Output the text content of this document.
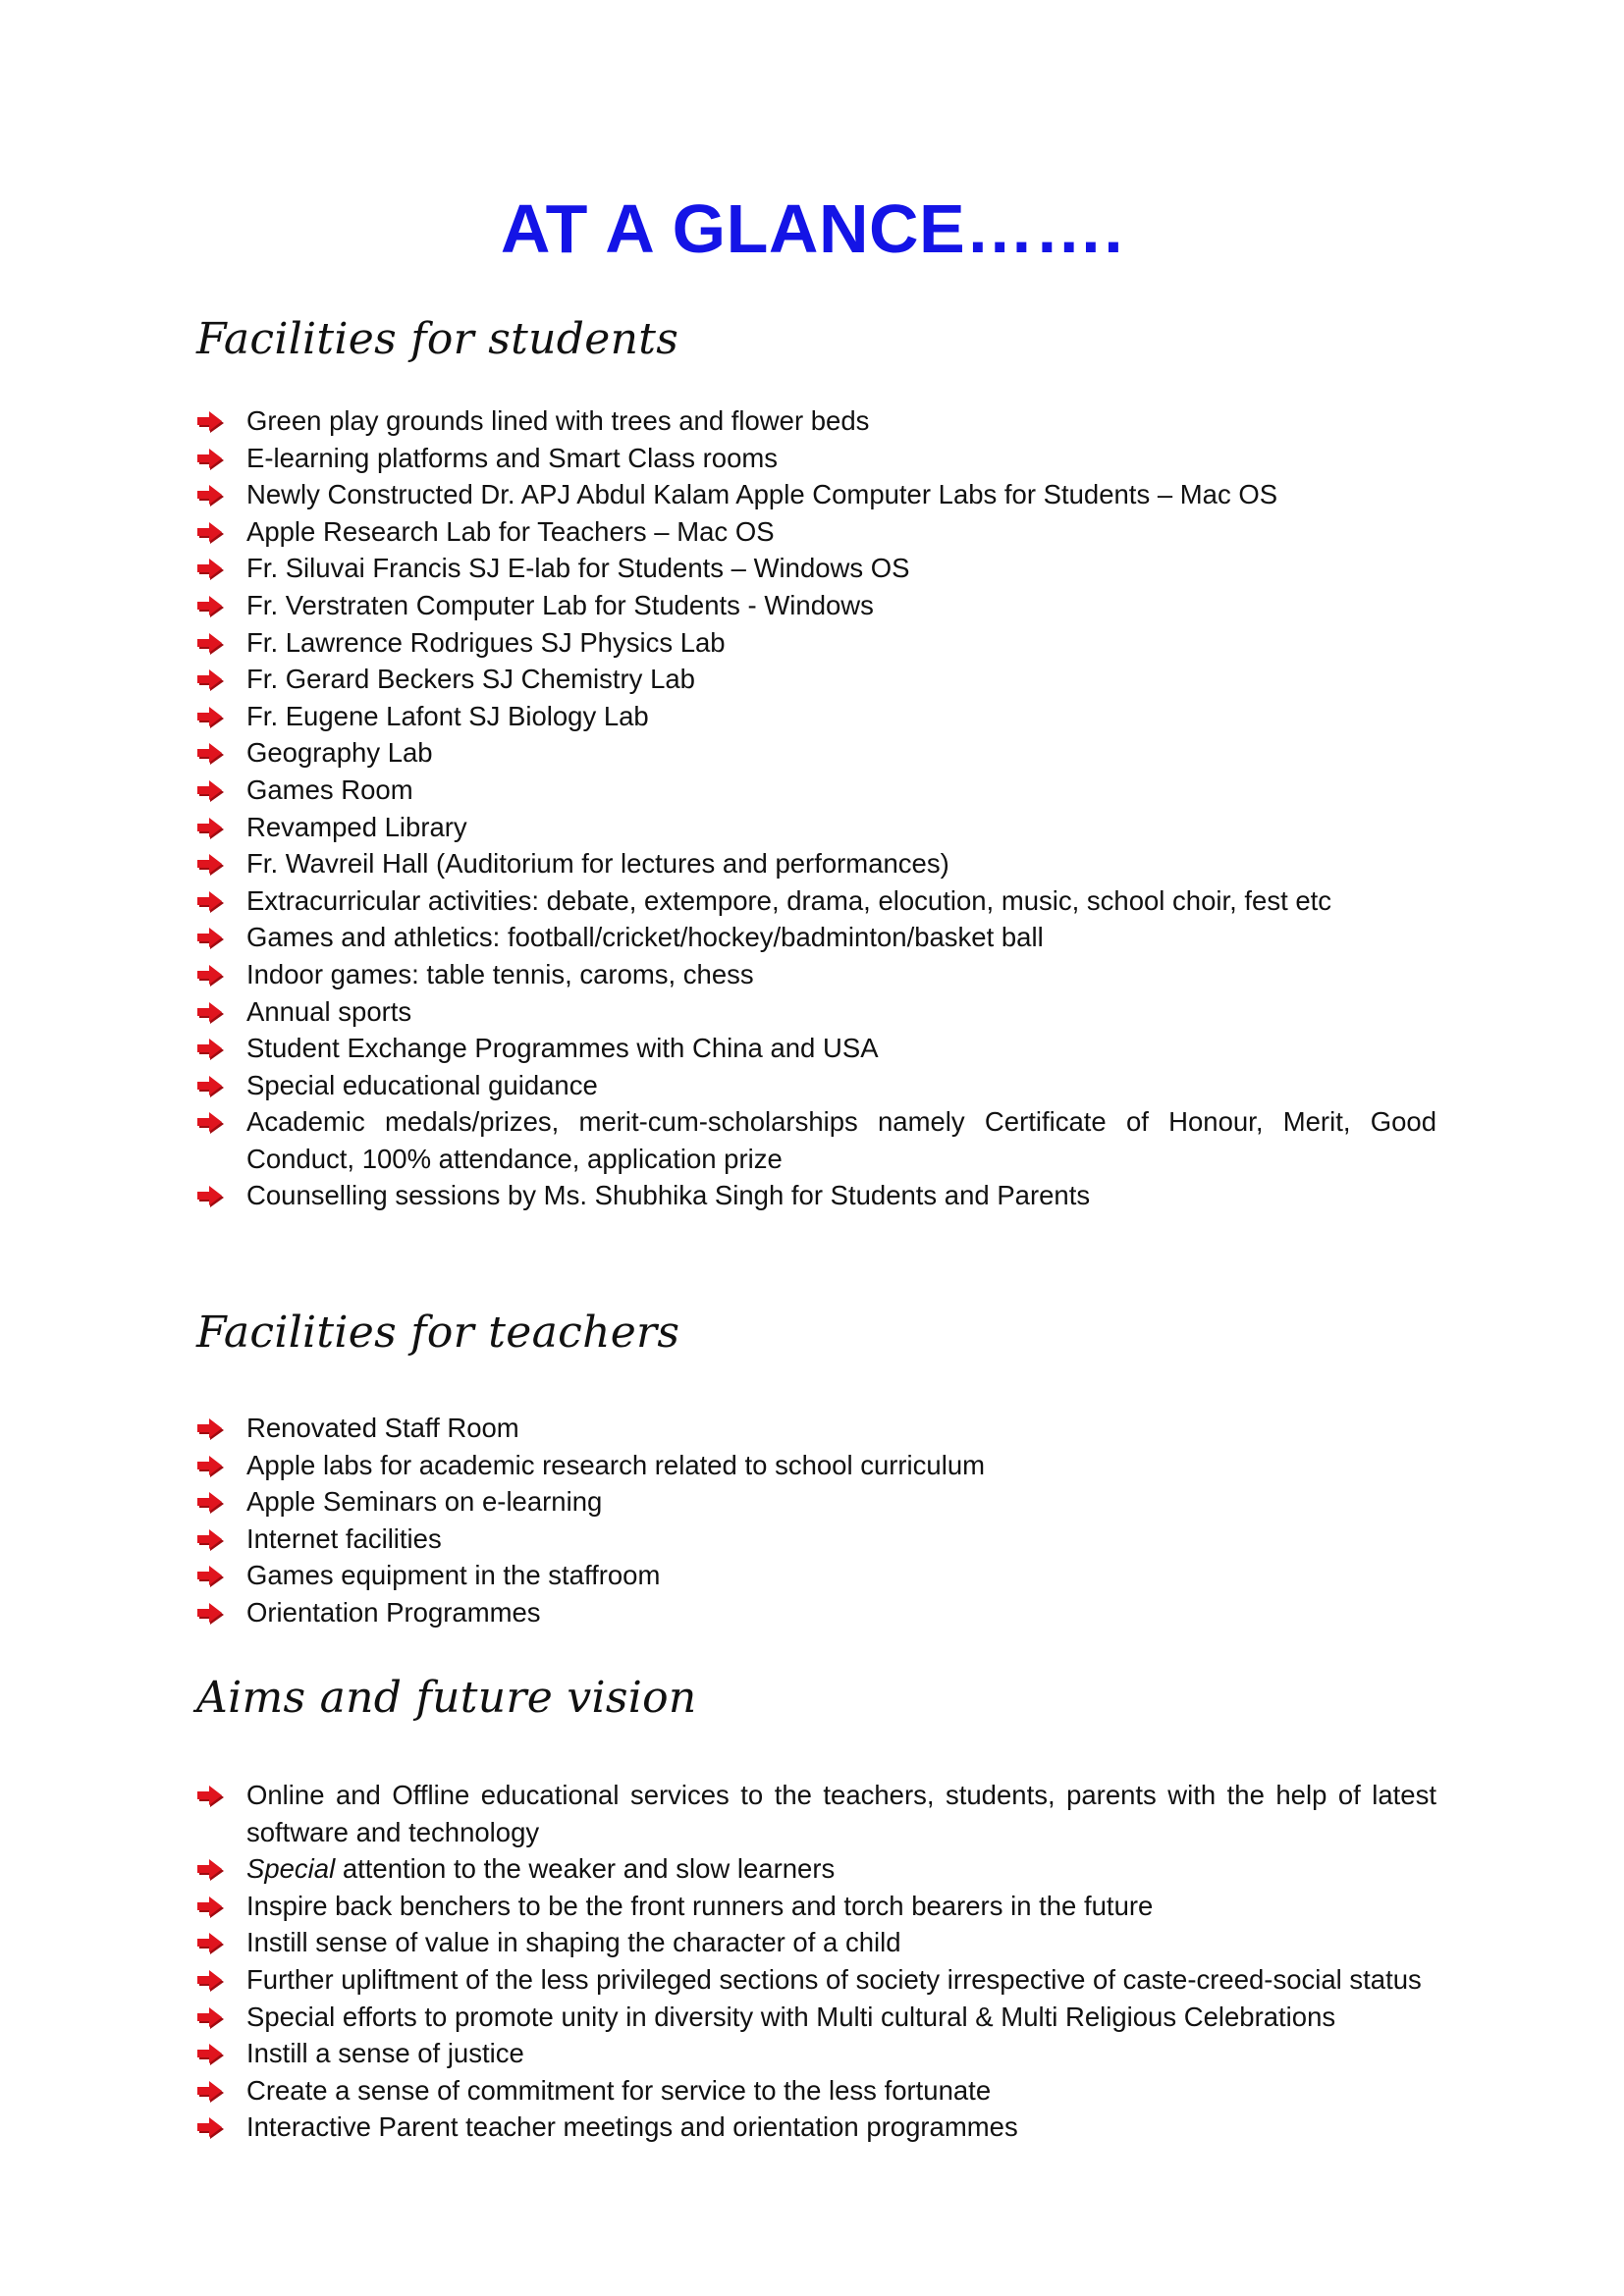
AT A GLANCE…….
Facilities for students
Green play grounds lined with trees and flower beds
E-learning platforms and Smart Class rooms
Newly Constructed Dr. APJ Abdul Kalam Apple Computer Labs for Students – Mac OS
Apple Research Lab for Teachers – Mac OS
Fr. Siluvai Francis SJ E-lab for Students – Windows OS
Fr. Verstraten Computer Lab for Students - Windows
Fr. Lawrence Rodrigues SJ Physics Lab
Fr. Gerard Beckers SJ Chemistry Lab
Fr. Eugene Lafont SJ Biology Lab
Geography Lab
Games Room
Revamped Library
Fr. Wavreil Hall (Auditorium for lectures and performances)
Extracurricular activities: debate, extempore, drama, elocution, music, school choir, fest etc
Games and athletics: football/cricket/hockey/badminton/basket ball
Indoor games: table tennis, caroms, chess
Annual sports
Student Exchange Programmes with China and USA
Special educational guidance
Academic medals/prizes, merit-cum-scholarships namely Certificate of Honour, Merit, Good Conduct, 100% attendance, application prize
Counselling sessions by Ms. Shubhika Singh for Students and Parents
Facilities for teachers
Renovated Staff Room
Apple labs for academic research related to school curriculum
Apple Seminars on e-learning
Internet facilities
Games equipment in the staffroom
Orientation Programmes
Aims and future vision
Online and Offline educational services to the teachers, students, parents with the help of latest software and technology
Special attention to the weaker and slow learners
Inspire back benchers to be the front runners and torch bearers in the future
Instill sense of value in shaping the character of a child
Further upliftment of the less privileged sections of society irrespective of caste-creed-social status
Special efforts to promote unity in diversity with Multi cultural & Multi Religious Celebrations
Instill a sense of justice
Create a sense of commitment for service to the less fortunate
Interactive Parent teacher meetings and orientation programmes
